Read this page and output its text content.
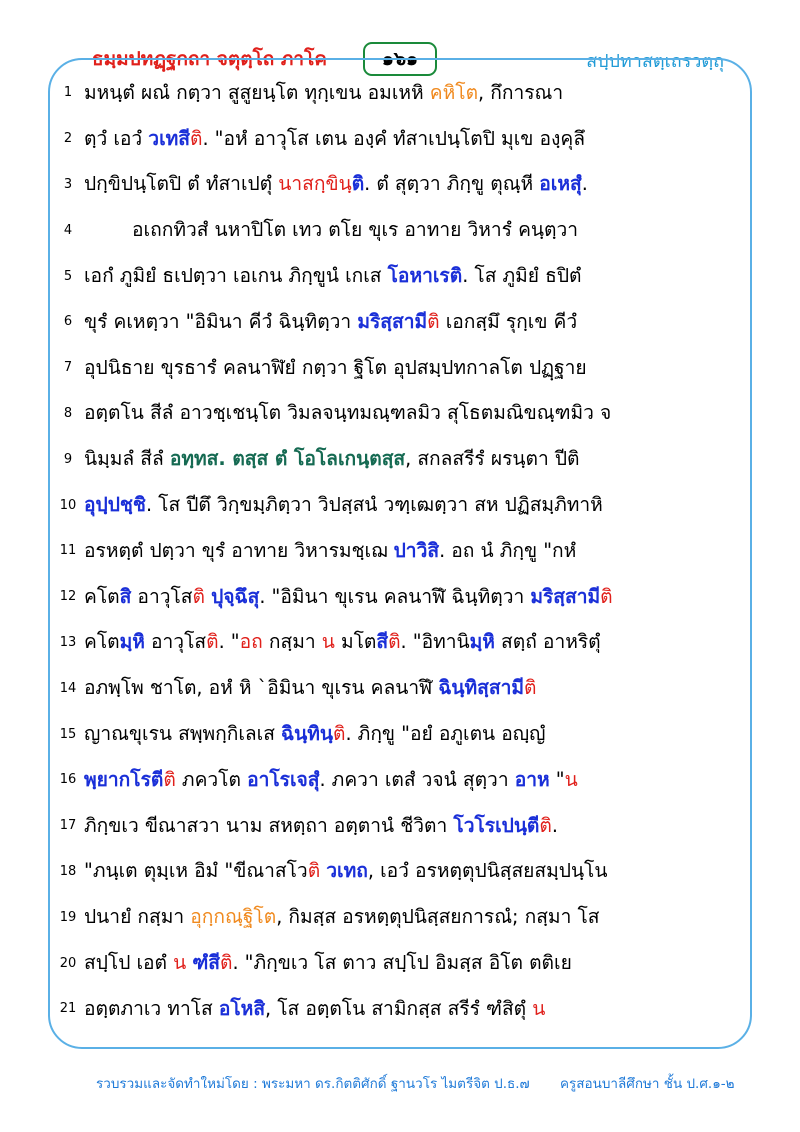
ธมฺมปทฏฺฐกถา จตุตฺโถ ภาโค	๑๖๑	สปฺปทาสตฺเถรวตฺถุ
1 มหนฺตํ ผณํ กตฺวา สูสูยนฺโต ทุกฺเขน อมเหหิ คหิโต, กึการณา
2 ตฺวํ เอวํ วเทสีติ. "อหํ อาวุโส เตน องฺคํ ทํสาเปนฺโตปิ มุเข องฺคุลึ
3 ปกฺขิปนฺโตปิ ตํ ทํสาเปตุํ นาสกฺขินฺติ. ตํ สุตฺวา ภิกฺขู ตุณฺหี อเหสุํ.
4	อเถกทิวสํ นหาปิโต เทว ตโย ขุเร อาทาย วิหารํ คนฺตฺวา
5 เอกํ ภูมิยํ ธเปตฺวา เอเกน ภิกฺขูนํ เกเส โอหาเรติ. โส ภูมิยํ ธปิตํ
6 ขุรํ คเหตฺวา "อิมินา คีวํ ฉินฺทิตฺวา มริสฺสามีติ เอกสฺมึ รุกฺเข คีวํ
7 อุปนิธาย ขุรธารํ คลนาฬิยํ กตฺวา ฐิโต อุปสมฺปทกาลโต ปฏฺฐาย
8 อตฺตโน สีลํ อาวชฺเชนฺโต วิมลจนฺทมณฺฑลมิว สุโธตมณิขณฺฑมิว จ
9 นิมฺมลํ สีลํ อทฺทส. ตสฺส ตํ โอโลเกนฺตสฺส, สกลสรีรํ ผรนฺตา ปีติ
10 อุปฺปชฺชิ. โส ปีตึ วิกฺขมฺภิตฺวา วิปสฺสนํ วฑฺเฒตฺวา สห ปฏิสมฺภิทาหิ
11 อรหตฺตํ ปตฺวา ขุรํ อาทาย วิหารมชฺเฌ ปาวิสิ. อถ นํ ภิกฺขู "กหํ
12 คโตสิ อาวุโสติ ปุจฺฉึสุ. "อิมินา ขุเรน คลนาฬึ ฉินฺทิตฺวา มริสฺสามีติ
13 คโตมฺหิ อาวุโสติ. "อถ กสฺมา น มโตสีติ. "อิทานิมฺหิ สตฺถํ อาหริตุํ
14 อภพฺโพ ชาโต, อหํ หิ `อิมินา ขุเรน คลนาฬึ ฉินฺทิสฺสามีติ
15 ญาณขุเรน สพฺพกฺกิเลเส ฉินฺทินฺติ. ภิกฺขู "อยํ อภูเตน อญฺญํ
16 พฺยากโรตีติ ภควโต อาโรเจสุํ. ภควา เตสํ วจนํ สุตฺวา อาห "น
17 ภิกฺขเว ขีณาสวา นาม สหตฺถา อตฺตานํ ชีวิตา โวโรเปนฺตีติ.
18 "ภนฺเต ตุมฺเห อิมํ "ขีณาสโวติ วเทถ, เอวํ อรหตฺตุปนิสฺสยสมฺปนฺโน
19 ปนายํ กสฺมา อุกฺกณฺฐิโต, กิมสฺส อรหตฺตุปนิสฺสยการณํ; กสฺมา โส
20 สปฺโป เอตํ น ฑํสีติ. "ภิกฺขเว โส ตาว สปฺโป อิมสฺส อิโต ตติเย
21 อตฺตภาเว ทาโส อโหสิ, โส อตฺตโน สามิกสฺส สรีรํ ฑํสิตุํ น
รวบรวมและจัดทำใหม่โดย : พระมหา ดร.กิตติศักดิ์ ฐานวโร ไมตรีจิต ป.ธ.๗ ครูสอนบาลีศึกษา ชั้น ป.ศ.๑-๒
